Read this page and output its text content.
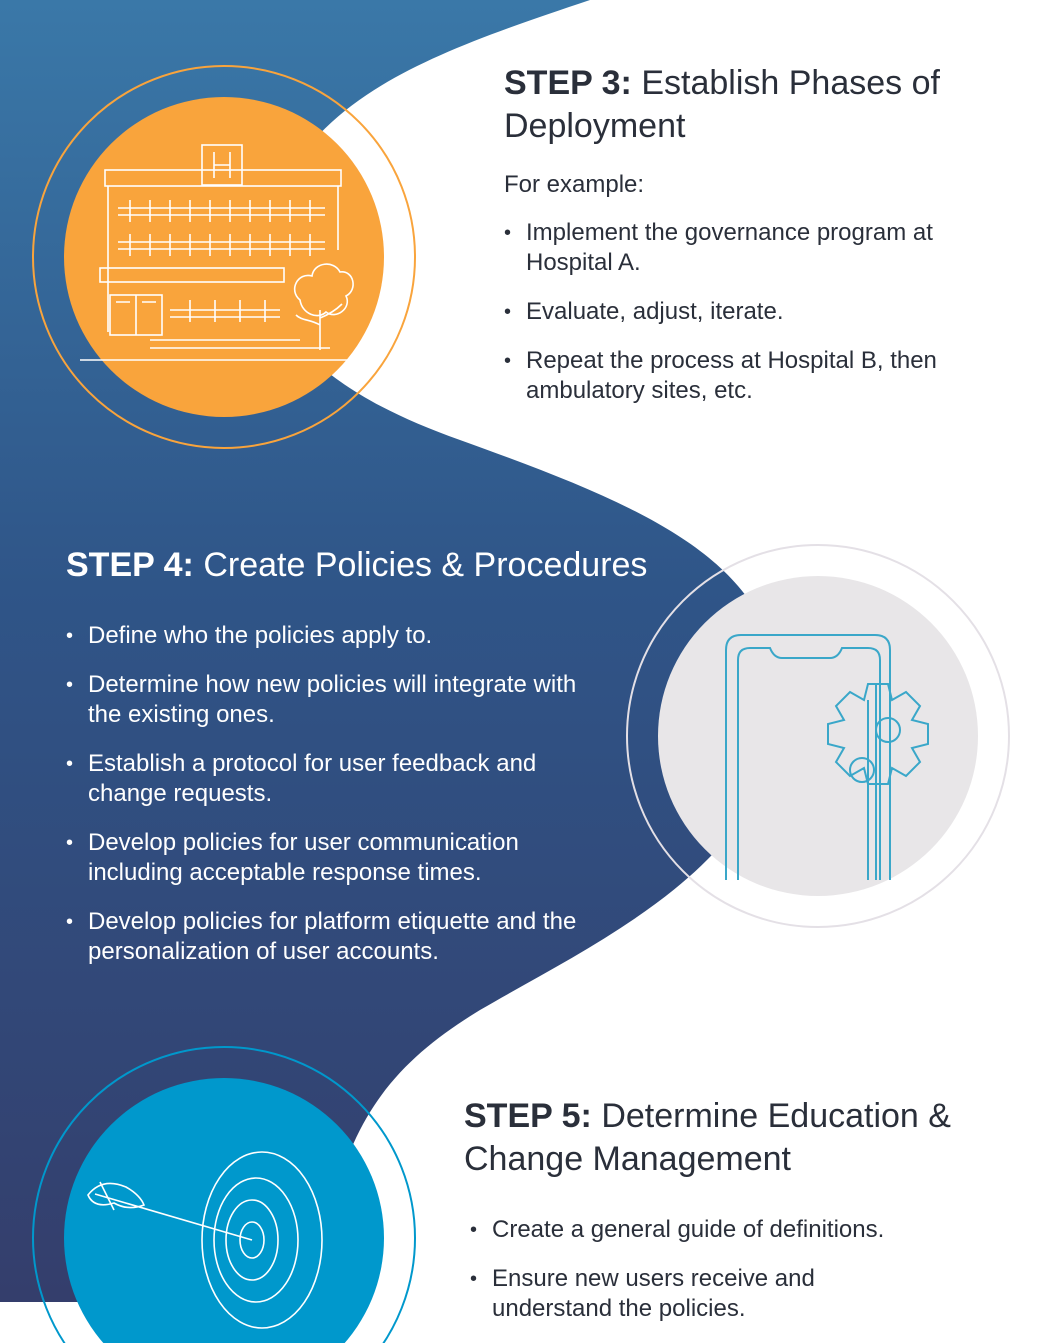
STEP 3: Establish Phases of Deployment

For example:

• Implement the governance program at Hospital A.
• Evaluate, adjust, iterate.
• Repeat the process at Hospital B, then ambulatory sites, etc.
STEP 4: Create Policies & Procedures
• Define who the policies apply to.
• Determine how new policies will integrate with the existing ones.
• Establish a protocol for user feedback and change requests.
• Develop policies for user communication including acceptable response times.
• Develop policies for platform etiquette and the personalization of user accounts.
STEP 5: Determine Education & Change Management
• Create a general guide of definitions.
• Ensure new users receive and understand the policies.
